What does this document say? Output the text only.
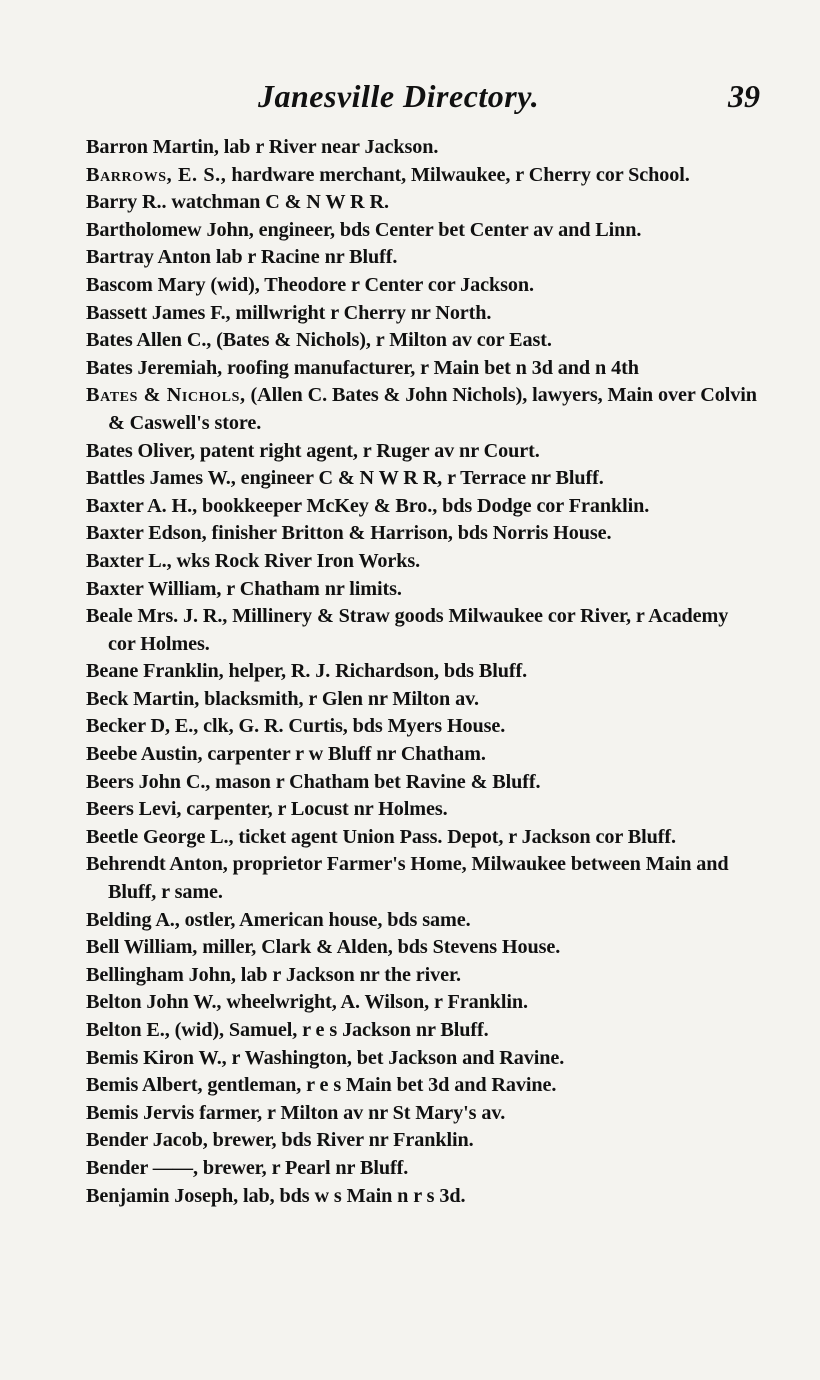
Janesville Directory.	39
Barron Martin, lab r River near Jackson.
Barrows, E. S., hardware merchant, Milwaukee, r Cherry cor School.
Barry R.. watchman C & N W R R.
Bartholomew John, engineer, bds Center bet Center av and Linn.
Bartray Anton lab r Racine nr Bluff.
Bascom Mary (wid), Theodore r Center cor Jackson.
Bassett James F., millwright r Cherry nr North.
Bates Allen C., (Bates & Nichols), r Milton av cor East.
Bates Jeremiah, roofing manufacturer, r Main bet n 3d and n 4th
Bates & Nichols, (Allen C. Bates & John Nichols), lawyers, Main over Colvin & Caswell's store.
Bates Oliver, patent right agent, r Ruger av nr Court.
Battles James W., engineer C & N W R R, r Terrace nr Bluff.
Baxter A. H., bookkeeper McKey & Bro., bds Dodge cor Franklin.
Baxter Edson, finisher Britton & Harrison, bds Norris House.
Baxter L., wks Rock River Iron Works.
Baxter William, r Chatham nr limits.
Beale Mrs. J. R., Millinery & Straw goods Milwaukee cor River, r Academy cor Holmes.
Beane Franklin, helper, R. J. Richardson, bds Bluff.
Beck Martin, blacksmith, r Glen nr Milton av.
Becker D, E., clk, G. R. Curtis, bds Myers House.
Beebe Austin, carpenter r w Bluff nr Chatham.
Beers John C., mason r Chatham bet Ravine & Bluff.
Beers Levi, carpenter, r Locust nr Holmes.
Beetle George L., ticket agent Union Pass. Depot, r Jackson cor Bluff.
Behrendt Anton, proprietor Farmer's Home, Milwaukee between Main and Bluff, r same.
Belding A., ostler, American house, bds same.
Bell William, miller, Clark & Alden, bds Stevens House.
Bellingham John, lab r Jackson nr the river.
Belton John W., wheelwright, A. Wilson, r Franklin.
Belton E., (wid), Samuel, r e s Jackson nr Bluff.
Bemis Kiron W., r Washington, bet Jackson and Ravine.
Bemis Albert, gentleman, r e s Main bet 3d and Ravine.
Bemis Jervis farmer, r Milton av nr St Mary's av.
Bender Jacob, brewer, bds River nr Franklin.
Bender ——, brewer, r Pearl nr Bluff.
Benjamin Joseph, lab, bds w s Main n r s 3d.
